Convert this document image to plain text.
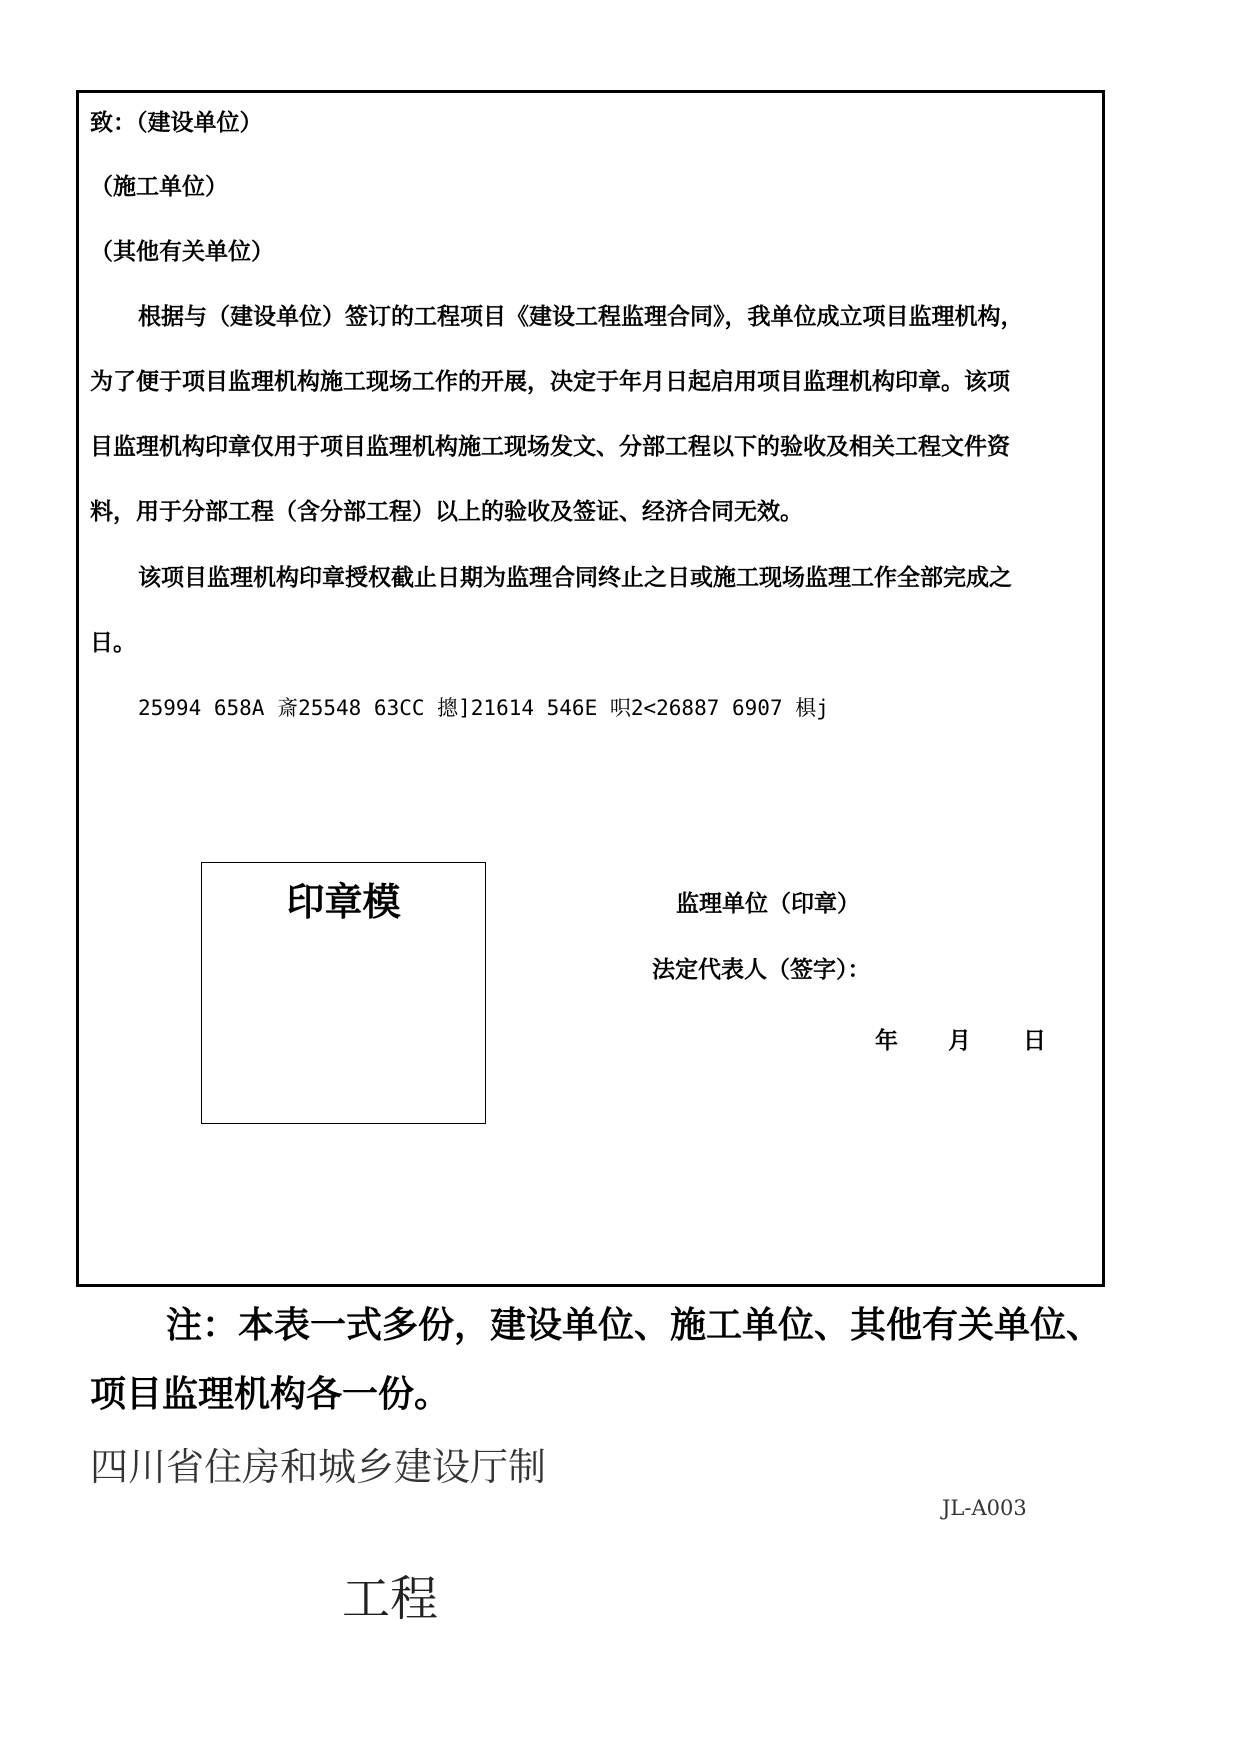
致：（建设单位）
（施工单位）
（其他有关单位）
根据与（建设单位）签订的工程项目《建设工程监理合同》，我单位成立项目监理机构，
为了便于项目监理机构施工现场工作的开展，决定于年月日起启用项目监理机构印章。该项
目监理机构印章仅用于项目监理机构施工现场发文、分部工程以下的验收及相关工程文件资
料，用于分部工程（含分部工程）以上的验收及签证、经济合同无效。
该项目监理机构印章授权截止日期为监理合同终止之日或施工现场监理工作全部完成之
日。
25994 658A 斎25548 63CC 摠]21614 546E 呮2<26887 6907 椇j
印章模	监理单位（印章）
法定代表人（签字）：
年 月 日
注：本表一式多份，建设单位、施工单位、其他有关单位、
项目监理机构各一份。
四川省住房和城乡建设厅制
JL-A003
工程
